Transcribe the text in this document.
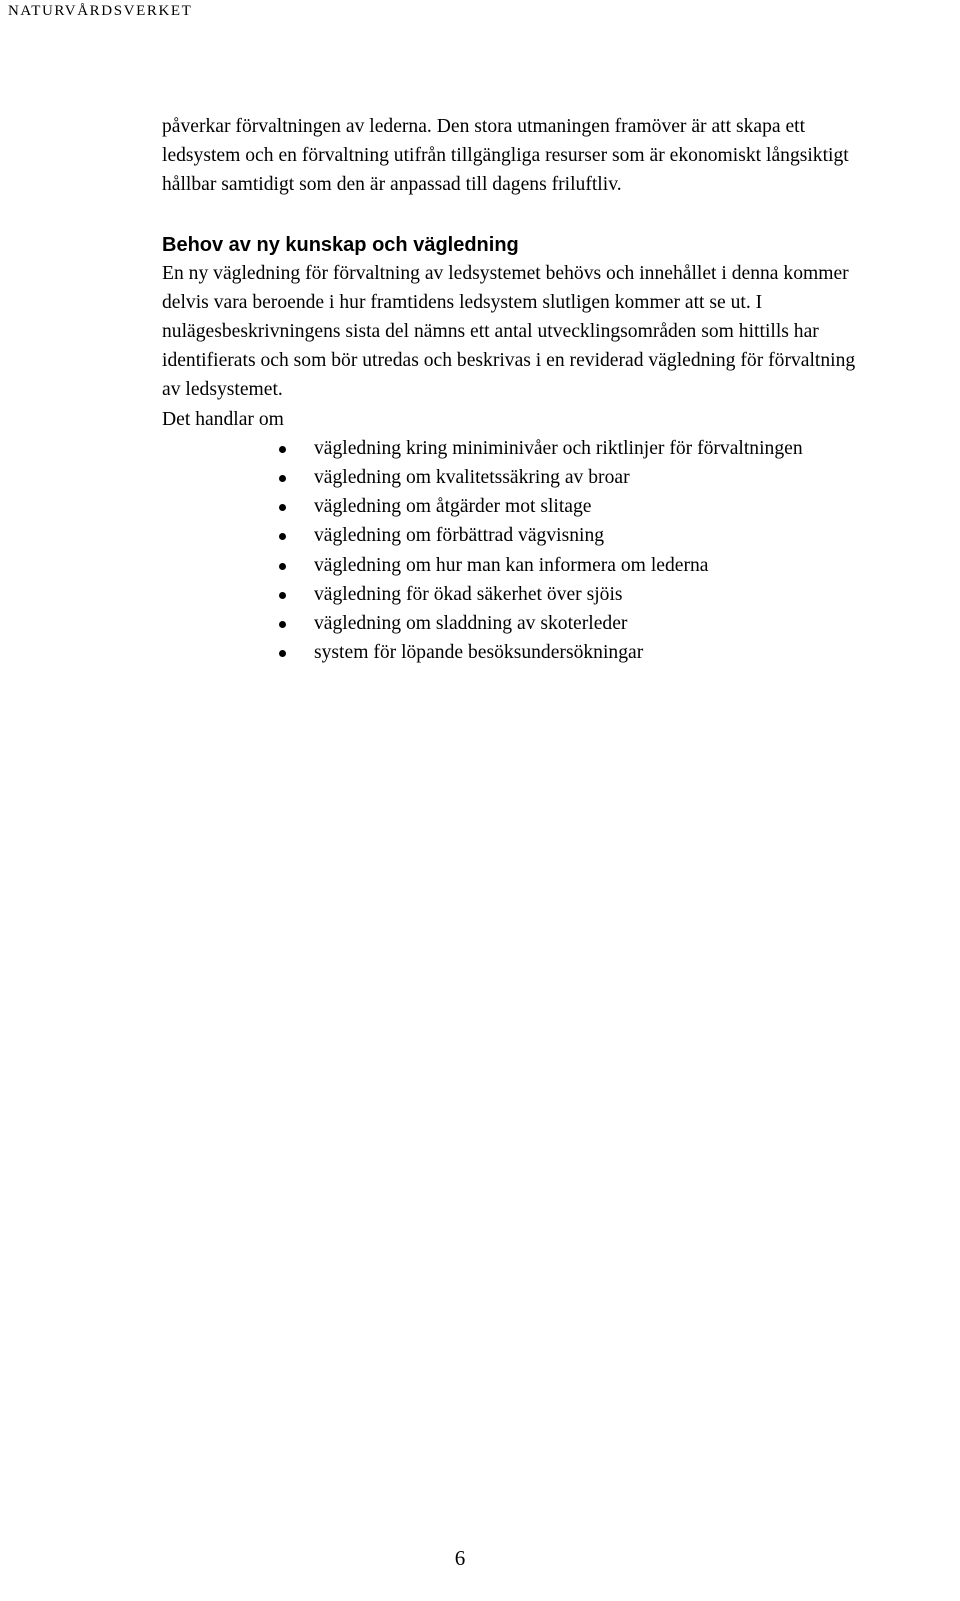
NATURVÅRDSVERKET

påverkar förvaltningen av lederna. Den stora utmaningen framöver är att skapa ett
ledsystem och en förvaltning utifrån tillgängliga resurser som är ekonomiskt långsiktigt
hållbar samtidigt som den är anpassad till dagens friluftliv.

Behov av ny kunskap och vägledning

En ny vägledning för förvaltning av ledsystemet behövs och innehållet i denna kommer
delvis vara beroende i hur framtidens ledsystem slutligen kommer att se ut. I
nulägesbeskrivningens sista del nämns ett antal utvecklingsområden som hittills har
identifierats och som bör utredas och beskrivas i en reviderad vägledning för förvaltning
av ledsystemet.

Det handlar om

vägledning kring miniminivåer och riktlinjer för förvaltningen
vägledning om kvalitetssäkring av broar
vägledning om åtgärder mot slitage
vägledning om förbättrad vägvisning
vägledning om hur man kan informera om lederna
vägledning för ökad säkerhet över sjöis
vägledning om sladdning av skoterleder
system för löpande besöksundersökningar
6
